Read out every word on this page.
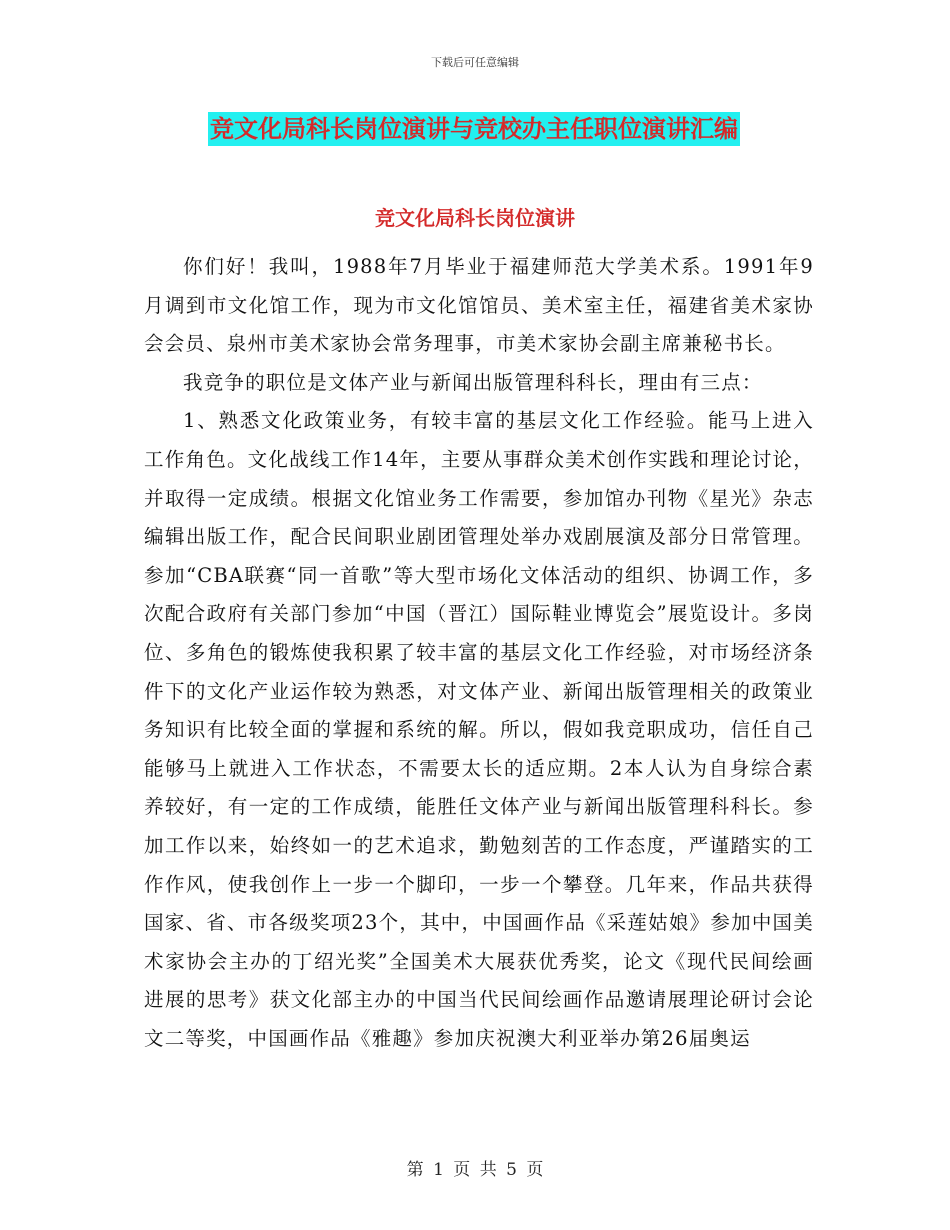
下载后可任意编辑
竞文化局科长岗位演讲与竞校办主任职位演讲汇编
竞文化局科长岗位演讲

你们好！我叫，1988年7月毕业于福建师范大学美术系。1991年9月调到市文化馆工作，现为市文化馆馆员、美术室主任，福建省美术家协会会员、泉州市美术家协会常务理事，市美术家协会副主席兼秘书长。

我竞争的职位是文体产业与新闻出版管理科科长，理由有三点：

1、熟悉文化政策业务，有较丰富的基层文化工作经验。能马上进入工作角色。文化战线工作14年，主要从事群众美术创作实践和理论讨论，并取得一定成绩。根据文化馆业务工作需要，参加馆办刊物《星光》杂志编辑出版工作，配合民间职业剧团管理处举办戏剧展演及部分日常管理。参加“CBA联赛“同一首歌”等大型市场化文体活动的组织、协调工作，多次配合政府有关部门参加“中国（晋江）国际鞋业博览会”展览设计。多岗位、多角色的锻炼使我积累了较丰富的基层文化工作经验，对市场经济条件下的文化产业运作较为熟悉，对文体产业、新闻出版管理相关的政策业务知识有比较全面的掌握和系统的解。所以，假如我竞职成功，信任自己能够马上就进入工作状态，不需要太长的适应期。2本人认为自身综合素养较好，有一定的工作成绩，能胜任文体产业与新闻出版管理科科长。参加工作以来，始终如一的艺术追求，勤勉刻苦的工作态度，严谨踏实的工作作风，使我创作上一步一个脚印，一步一个攀登。几年来，作品共获得国家、省、市各级奖项23个，其中，中国画作品《采莲姑娘》参加中国美术家协会主办的丁绍光奖”全国美术大展获优秀奖，论文《现代民间绘画进展的思考》获文化部主办的中国当代民间绘画作品邀请展理论研讨会论文二等奖，中国画作品《雅趣》参加庆祝澳大利亚举办第26届奥运

第 1 页 共 5 页
